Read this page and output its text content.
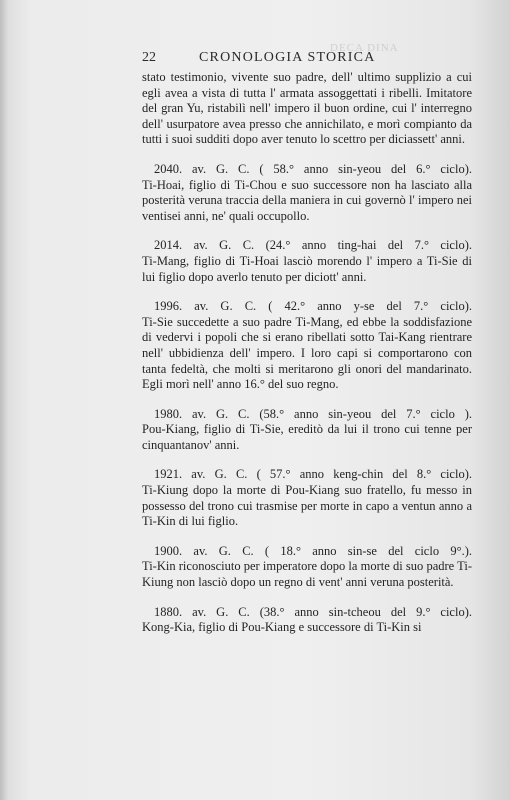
DECA DINA
22	CRONOLOGIA STORICA

stato testimonio, vivente suo padre, dell' ultimo supplizio a cui egli avea a vista di tutta l' armata assoggettati i ribelli. Imitatore del gran Yu, ristabilì nell' impero il buon ordine, cui l' interregno dell' usurpatore avea presso che annichilato, e morì compianto da tutti i suoi sudditi dopo aver tenuto lo scettro per diciassett' anni.

2040. av. G. C. ( 58.° anno sin-yeou del 6.° ciclo).
Ti-Hoai, figlio di Ti-Chou e suo successore non ha lasciato alla posterità veruna traccia della maniera in cui governò l' impero nei ventisei anni, ne' quali occupollo.
2014. av. G. C. (24.° anno ting-hai del 7.° ciclo).
Ti-Mang, figlio di Ti-Hoai lasciò morendo l' impero a Ti-Sie di lui figlio dopo averlo tenuto per diciott' anni.
1996. av. G. C. ( 42.° anno y-se del 7.° ciclo).
Ti-Sie succedette a suo padre Ti-Mang, ed ebbe la soddisfazione di vedervi i popoli che si erano ribellati sotto Tai-Kang rientrare nell' ubbidienza dell' impero. I loro capi si comportarono con tanta fedeltà, che molti si meritarono gli onori del mandarinato. Egli morì nell' anno 16.° del suo regno.
1980. av. G. C. (58.° anno sin-yeou del 7.° ciclo ).
Pou-Kiang, figlio di Ti-Sie, ereditò da lui il trono cui tenne per cinquantanov' anni.
1921. av. G. C. ( 57.° anno keng-chin del 8.° ciclo).
Ti-Kiung dopo la morte di Pou-Kiang suo fratello, fu messo in possesso del trono cui trasmise per morte in capo a ventun anno a Ti-Kin di lui figlio.
1900. av. G. C. ( 18.° anno sin-se del ciclo 9°.).
Ti-Kin riconosciuto per imperatore dopo la morte di suo padre Ti-Kiung non lasciò dopo un regno di vent' anni veruna posterità.
1880. av. G. C. (38.° anno sin-tcheou del 9.° ciclo).
Kong-Kia, figlio di Pou-Kiang e successore di Ti-Kin si
